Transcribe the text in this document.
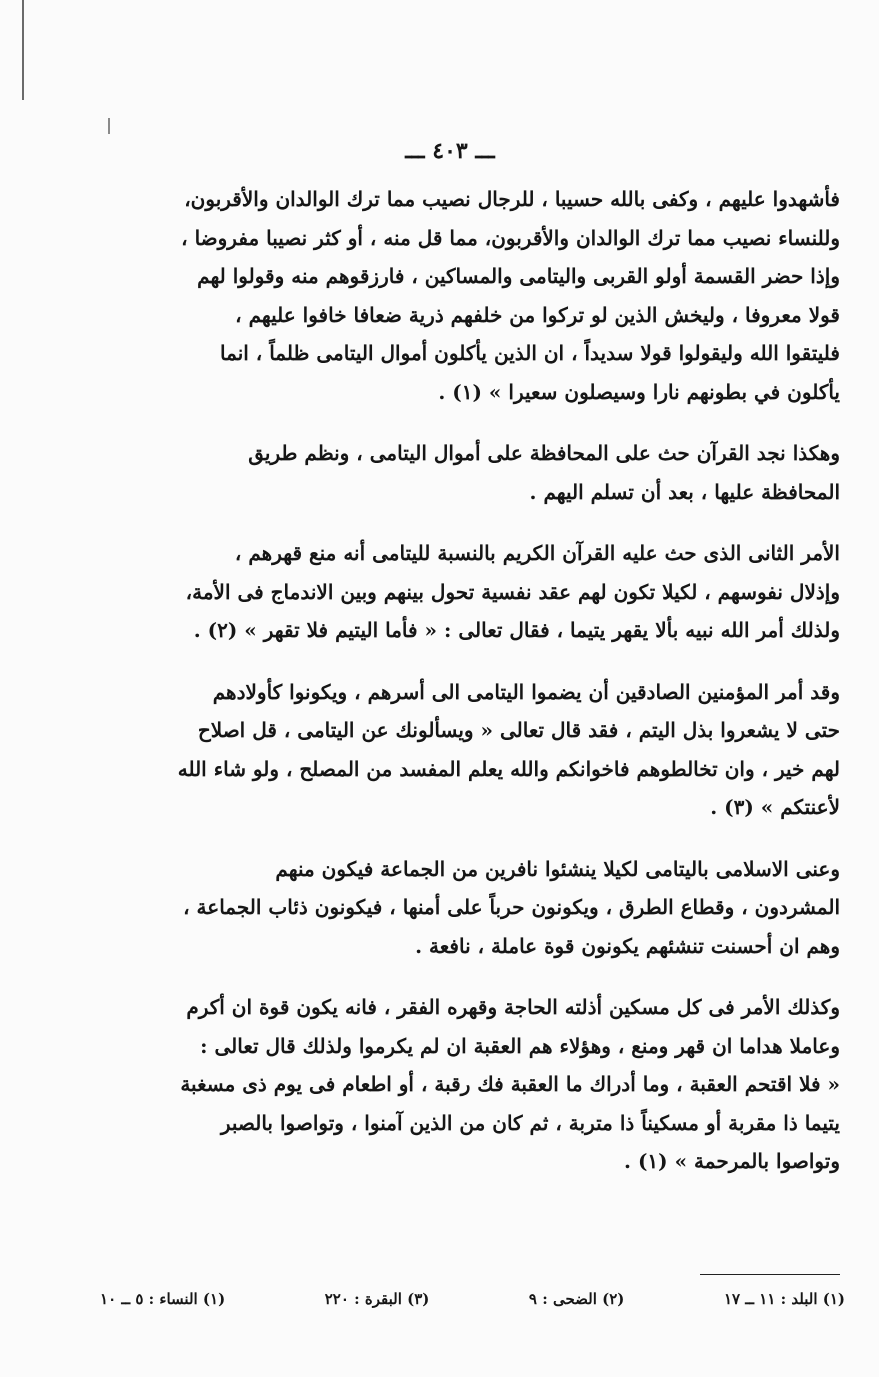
ـــ ٤٠٣ ـــ

فأشهدوا عليهم ، وكفى بالله حسيبا ، للرجال نصيب مما ترك الوالدان والأقربون،

وللنساء نصيب مما ترك الوالدان والأقربون، مما قل منه ، أو كثر نصيبا مفروضا ،

وإذا حضر القسمة أولو القربى واليتامى والمساكين ، فارزقوهم منه وقولوا لهم

قولا معروفا ، وليخش الذين لو تركوا من خلفهم ذرية ضعافا خافوا عليهم ،

فليتقوا الله وليقولوا قولا سديداً ، ان الذين يأكلون أموال اليتامى ظلماً ، انما

يأكلون في بطونهم نارا وسيصلون سعيرا » (١) .

وهكذا نجد القرآن حث على المحافظة على أموال اليتامى ، ونظم طريق

المحافظة عليها ، بعد أن تسلم اليهم .

الأمر الثانى الذى حث عليه القرآن الكريم بالنسبة لليتامى أنه منع قهرهم ،

وإذلال نفوسهم ، لكيلا تكون لهم عقد نفسية تحول بينهم وبين الاندماج فى الأمة،

ولذلك أمر الله نبيه بألا يقهر يتيما ، فقال تعالى : « فأما اليتيم فلا تقهر » (٢) .

وقد أمر المؤمنين الصادقين أن يضموا اليتامى الى أسرهم ، ويكونوا كأولادهم

حتى لا يشعروا بذل اليتم ، فقد قال تعالى « ويسألونك عن اليتامى ، قل اصلاح

لهم خير ، وان تخالطوهم فاخوانكم والله يعلم المفسد من المصلح ، ولو شاء الله

لأعنتكم » (٣) .

وعنى الاسلامى باليتامى لكيلا ينشئوا نافرين من الجماعة فيكون منهم

المشردون ، وقطاع الطرق ، ويكونون حرباً على أمنها ، فيكونون ذئاب الجماعة ،

وهم ان أحسنت تنشئهم يكونون قوة عاملة ، نافعة .

وكذلك الأمر فى كل مسكين أذلته الحاجة وقهره الفقر ، فانه يكون قوة ان أكرم

وعاملا هداما ان قهر ومنع ، وهؤلاء هم العقبة ان لم يكرموا ولذلك قال تعالى :

« فلا اقتحم العقبة ، وما أدراك ما العقبة فك رقبة ، أو اطعام فى يوم ذى مسغبة

يتيما ذا مقربة أو مسكيناً ذا متربة ، ثم كان من الذين آمنوا ، وتواصوا بالصبر

وتواصوا بالمرحمة » (١) .

(١) البلد : ١١ ــ ١٧
(٢) الضحى : ٩
(٣) البقرة : ٢٢٠
(١) النساء : ٥ ــ ١٠
